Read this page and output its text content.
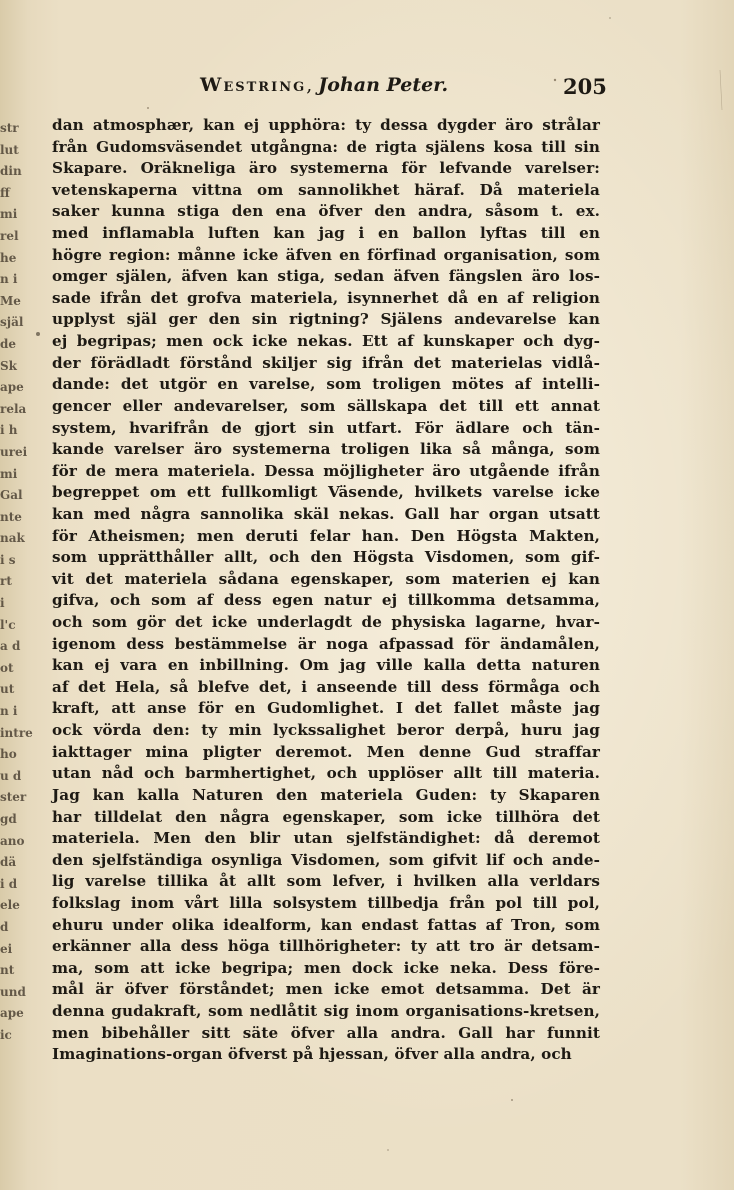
str
lut
din
ff
mi
rel
he
n i
Me
själ
de
Sk
ape
rela
i h
urei
mi
Gal
nte
nak
i s
rt
i
l'c
a d
ot
ut
n i
intre
ho
u d
ster
gd
ano
dä
i d
ele
d
ei
nt
und
ape
ic
Westring, Johan Peter.	205
dan atmosphær, kan ej upphöra: ty dessa dygder äro strålar
från Gudomsväsendet utgångna: de rigta själens kosa till sin
Skapare. Oräkneliga äro systemerna för lefvande varelser:
vetenskaperna vittna om sannolikhet häraf. Då materiela
saker kunna stiga den ena öfver den andra, såsom t. ex.
med inflamabla luften kan jag i en ballon lyftas till en
högre region: månne icke äfven en förfinad organisation, som
omger själen, äfven kan stiga, sedan äfven fängslen äro los-
sade ifrån det grofva materiela, isynnerhet då en af religion
upplyst själ ger den sin rigtning? Själens andevarelse kan
ej begripas; men ock icke nekas. Ett af kunskaper och dyg-
der förädladt förstånd skiljer sig ifrån det materielas vidlå-
dande: det utgör en varelse, som troligen mötes af intelli-
gencer eller andevarelser, som sällskapa det till ett annat
system, hvarifrån de gjort sin utfart. För ädlare och tän-
kande varelser äro systemerna troligen lika så många, som
för de mera materiela. Dessa möjligheter äro utgående ifrån
begreppet om ett fullkomligt Väsende, hvilkets varelse icke
kan med några sannolika skäl nekas. Gall har organ utsatt
för Atheismen; men deruti felar han. Den Högsta Makten,
som upprätthåller allt, och den Högsta Visdomen, som gif-
vit det materiela sådana egenskaper, som materien ej kan
gifva, och som af dess egen natur ej tillkomma detsamma,
och som gör det icke underlagdt de physiska lagarne, hvar-
igenom dess bestämmelse är noga afpassad för ändamålen,
kan ej vara en inbillning. Om jag ville kalla detta naturen
af det Hela, så blefve det, i anseende till dess förmåga och
kraft, att anse för en Gudomlighet. I det fallet måste jag
ock vörda den: ty min lyckssalighet beror derpå, huru jag
iakttager mina pligter deremot. Men denne Gud straffar
utan nåd och barmhertighet, och upplöser allt till materia.
Jag kan kalla Naturen den materiela Guden: ty Skaparen
har tilldelat den några egenskaper, som icke tillhöra det
materiela. Men den blir utan sjelfständighet: då deremot
den sjelfständiga osynliga Visdomen, som gifvit lif och ande-
lig varelse tillika åt allt som lefver, i hvilken alla verldars
folkslag inom vårt lilla solsystem tillbedja från pol till pol,
ehuru under olika idealform, kan endast fattas af Tron, som
erkänner alla dess höga tillhörigheter: ty att tro är detsam-
ma, som att icke begripa; men dock icke neka. Dess före-
mål är öfver förståndet; men icke emot detsamma. Det är
denna gudakraft, som nedlåtit sig inom organisations-kretsen,
men bibehåller sitt säte öfver alla andra. Gall har funnit
Imaginations-organ öfverst på hjessan, öfver alla andra, och
